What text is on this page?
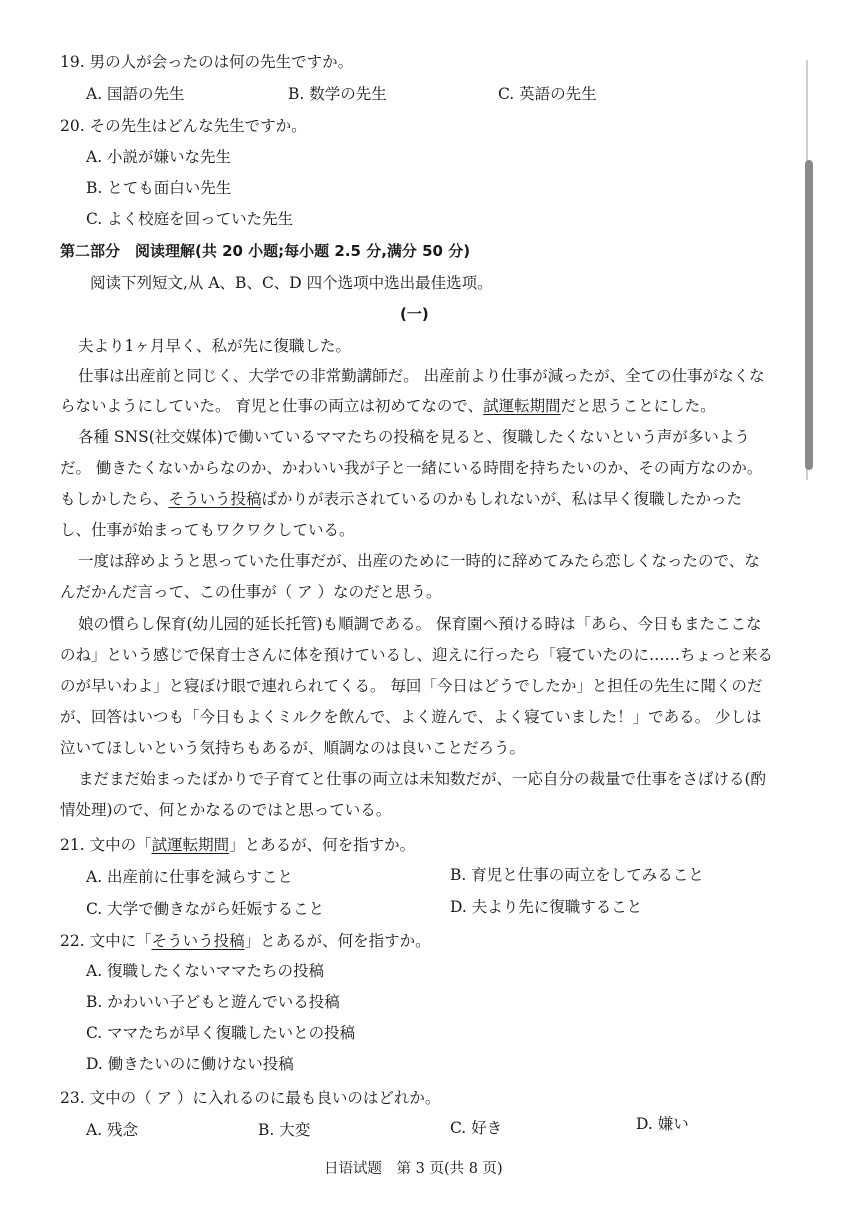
19. 男の人が会ったのは何の先生ですか。
A. 国語の先生	B. 数学の先生	C. 英語の先生
20. その先生はどんな先生ですか。
A. 小説が嫌いな先生
B. とても面白い先生
C. よく校庭を回っていた先生
第二部分　阅读理解(共 20 小题;每小题 2.5 分,满分 50 分)
阅读下列短文,从 A、B、C、D 四个选项中选出最佳选项。
(一)
夫より1ヶ月早く、私が先に復職した。
仕事は出産前と同じく、大学での非常勤講師だ。 出産前より仕事が減ったが、全ての仕事がなくな
らないようにしていた。 育児と仕事の両立は初めてなので、試運転期間だと思うことにした。
各種 SNS(社交媒体)で働いているママたちの投稿を見ると、復職したくないという声が多いよう
だ。 働きたくないからなのか、かわいい我が子と一緒にいる時間を持ちたいのか、その両方なのか。
もしかしたら、そういう投稿ばかりが表示されているのかもしれないが、私は早く復職したかった
し、仕事が始まってもワクワクしている。
一度は辞めようと思っていた仕事だが、出産のために一時的に辞めてみたら恋しくなったので、な
んだかんだ言って、この仕事が（ ア ）なのだと思う。
娘の慣らし保育(幼儿园的延长托管)も順調である。 保育園へ預ける時は「あら、今日もまたここな
のね」という感じで保育士さんに体を預けているし、迎えに行ったら「寝ていたのに……ちょっと来る
のが早いわよ」と寝ぼけ眼で連れられてくる。 毎回「今日はどうでしたか」と担任の先生に聞くのだ
が、回答はいつも「今日もよくミルクを飲んで、よく遊んで、よく寝ていました！」である。 少しは
泣いてほしいという気持ちもあるが、順調なのは良いことだろう。
まだまだ始まったばかりで子育てと仕事の両立は未知数だが、一応自分の裁量で仕事をさばける(酌
情处理)ので、何とかなるのではと思っている。
21. 文中の「試運転期間」とあるが、何を指すか。
A. 出産前に仕事を減らすこと	B. 育児と仕事の両立をしてみること
C. 大学で働きながら妊娠すること	D. 夫より先に復職すること
22. 文中に「そういう投稿」とあるが、何を指すか。
A. 復職したくないママたちの投稿
B. かわいい子どもと遊んでいる投稿
C. ママたちが早く復職したいとの投稿
D. 働きたいのに働けない投稿
23. 文中の（ ア ）に入れるのに最も良いのはどれか。
A. 残念	B. 大変	C. 好き	D. 嫌い
日语试题　第 3 页(共 8 页)
